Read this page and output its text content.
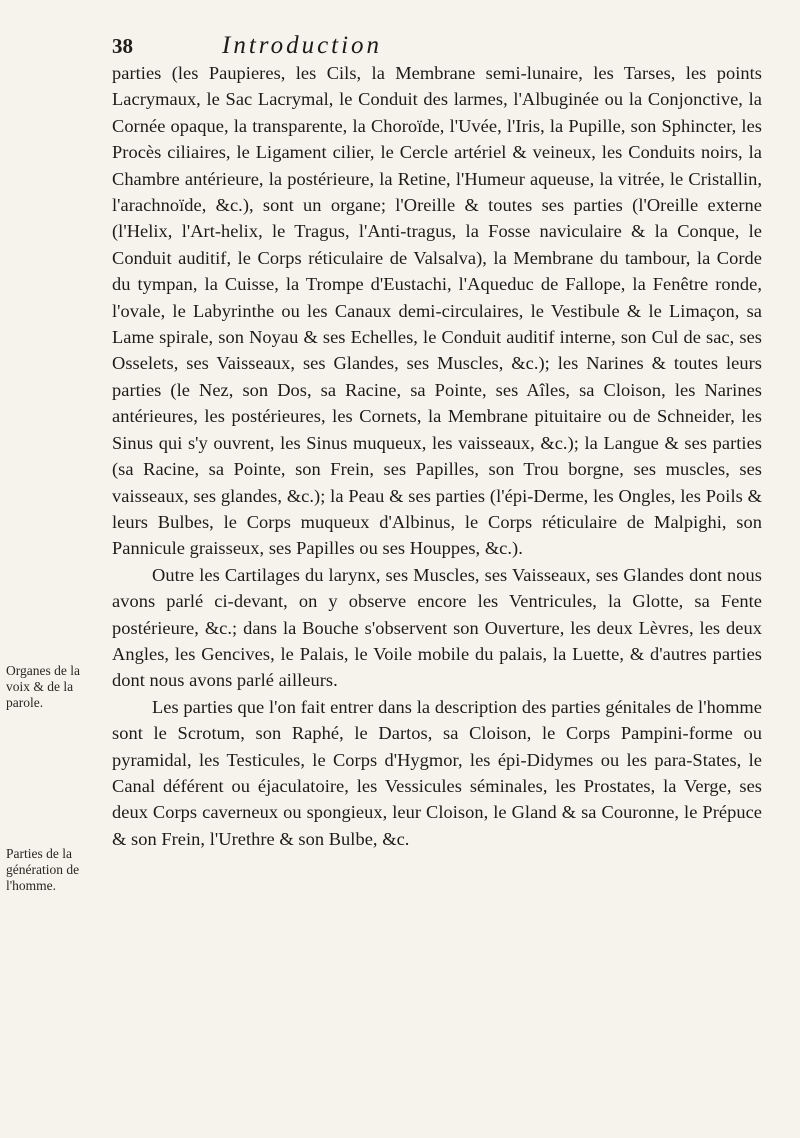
38	Introduction
Organes de la
voix & de la
parole.
Parties de la
génération de
l'homme.

parties (les Paupieres, les Cils, la Membrane semi-lunaire, les Tarses, les points Lacrymaux, le Sac Lacrymal, le Conduit des larmes, l'Albuginée ou la Conjonctive, la Cornée opaque, la transparente, la Choroïde, l'Uvée, l'Iris, la Pupille, son Sphincter, les Procès ciliaires, le Ligament cilier, le Cercle artériel & veineux, les Conduits noirs, la Chambre antérieure, la postérieure, la Retine, l'Humeur aqueuse, la vitrée, le Cristallin, l'arachnoïde, &c.), sont un organe; l'Oreille & toutes ses parties (l'Oreille externe (l'Helix, l'Art-helix, le Tragus, l'Anti-tragus, la Fosse naviculaire & la Conque, le Conduit auditif, le Corps réticulaire de Valsalva), la Membrane du tambour, la Corde du tympan, la Cuisse, la Trompe d'Eustachi, l'Aqueduc de Fallope, la Fenêtre ronde, l'ovale, le Labyrinthe ou les Canaux demi-circulaires, le Vestibule & le Limaçon, sa Lame spirale, son Noyau & ses Echelles, le Conduit auditif interne, son Cul de sac, ses Osselets, ses Vaisseaux, ses Glandes, ses Muscles, &c.); les Narines & toutes leurs parties (le Nez, son Dos, sa Racine, sa Pointe, ses Aîles, sa Cloison, les Narines antérieures, les postérieures, les Cornets, la Membrane pituitaire ou de Schneider, les Sinus qui s'y ouvrent, les Sinus muqueux, les vaisseaux, &c.); la Langue & ses parties (sa Racine, sa Pointe, son Frein, ses Papilles, son Trou borgne, ses muscles, ses vaisseaux, ses glandes, &c.); la Peau & ses parties (l'épi-Derme, les Ongles, les Poils & leurs Bulbes, le Corps muqueux d'Albinus, le Corps réticulaire de Malpighi, son Pannicule graisseux, ses Papilles ou ses Houppes, &c.).

Outre les Cartilages du larynx, ses Muscles, ses Vaisseaux, ses Glandes dont nous avons parlé ci-devant, on y observe encore les Ventricules, la Glotte, sa Fente postérieure, &c.; dans la Bouche s'observent son Ouverture, les deux Lèvres, les deux Angles, les Gencives, le Palais, le Voile mobile du palais, la Luette, & d'autres parties dont nous avons parlé ailleurs.

Les parties que l'on fait entrer dans la description des parties génitales de l'homme sont le Scrotum, son Raphé, le Dartos, sa Cloison, le Corps Pampini-forme ou pyramidal, les Testicules, le Corps d'Hygmor, les épi-Didymes ou les para-States, le Canal déférent ou éjaculatoire, les Vessicules séminales, les Prostates, la Verge, ses deux Corps caverneux ou spongieux, leur Cloison, le Gland & sa Couronne, le Prépuce & son Frein, l'Urethre & son Bulbe, &c.
